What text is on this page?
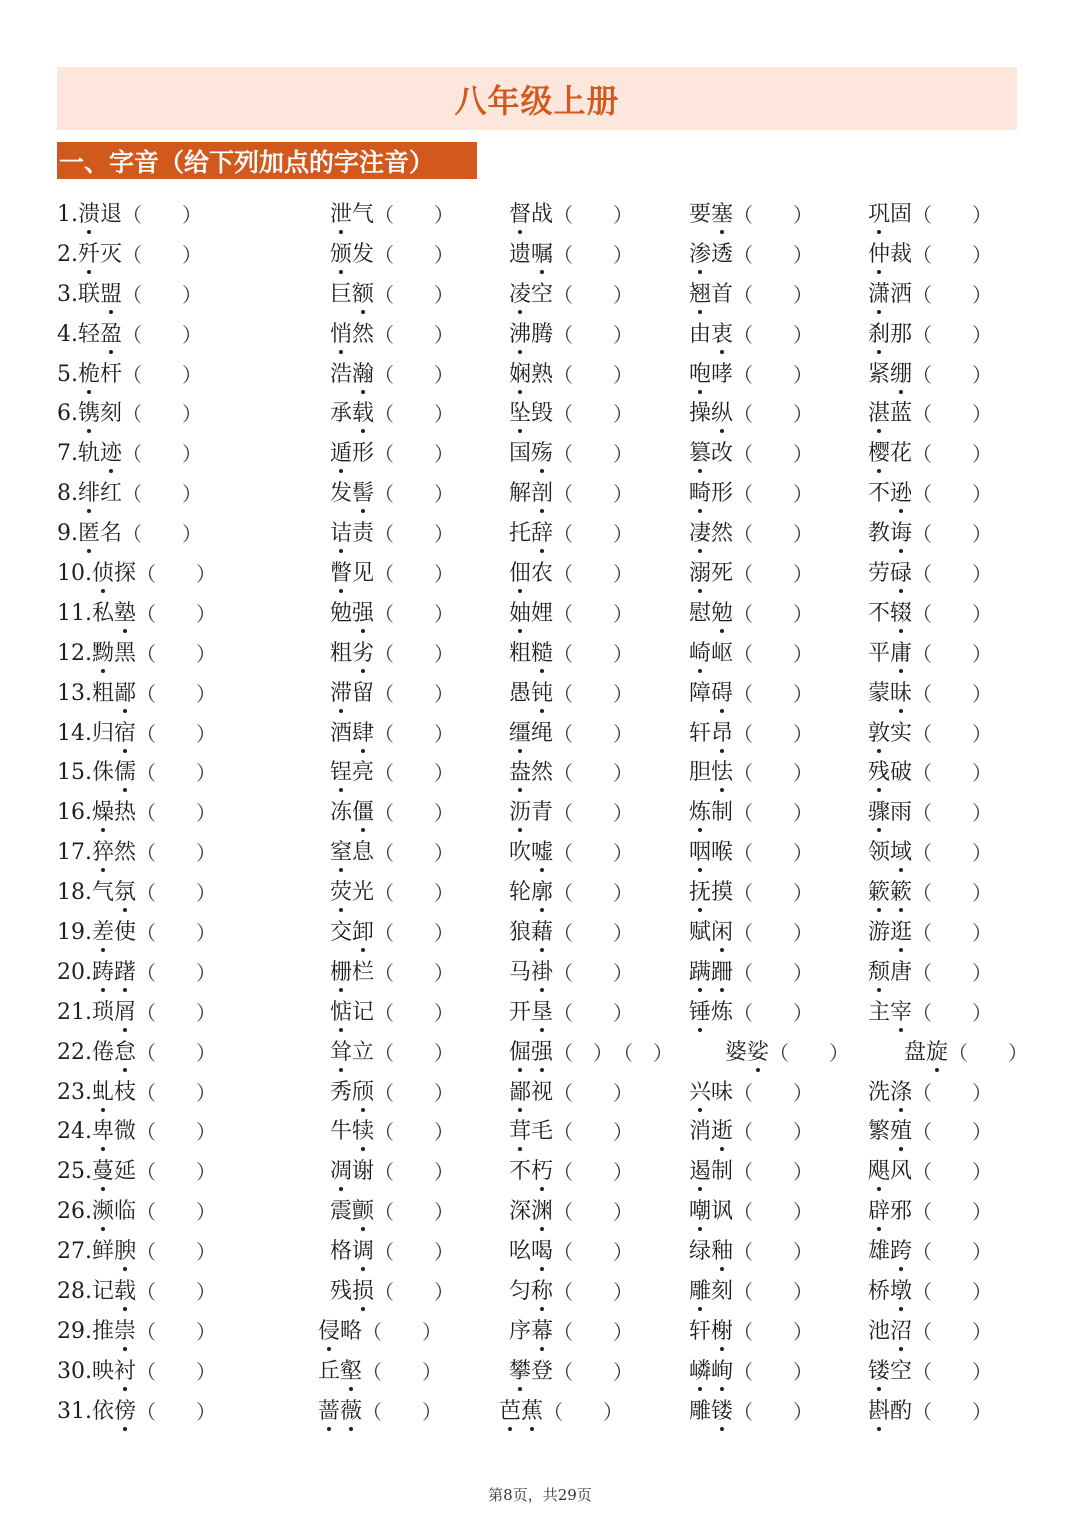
八年级上册
一、字音（给下列加点的字注音）
1. 溃 退 （　　）	泄 气 （　　） 督 战 （　　）	要 塞 （　　） 巩 固 （　　）
2. 歼 灭 （　　）	颁 发 （　　） 遗 嘱 （　　）	渗 透 （　　） 仲 裁 （　　）
3. 联 盟 （　　）	巨 额 （　　） 凌 空 （　　）	翘 首 （　　） 潇 洒 （　　）
4. 轻 盈 （　　）	悄 然 （　　） 沸 腾 （　　）	由 衷 （　　） 刹 那 （　　）
5. 桅 杆 （　　）	浩 瀚 （　　） 娴 熟 （　　）	咆 哮 （　　） 紧 绷 （　　）
6. 镌 刻 （　　）	承 载 （　　） 坠 毁 （　　）	操 纵 （　　） 湛 蓝 （　　）
7. 轨 迹 （　　）	遁 形 （　　） 国 殇 （　　）	篡 改 （　　） 樱 花 （　　）
8. 绯 红 （　　）	发 髻 （　　） 解 剖 （　　）	畸 形 （　　） 不 逊 （　　）
9. 匿 名 （　　）	诘 责 （　　） 托 辞 （　　）	凄 然 （　　） 教 诲 （　　）
10. 侦 探 （　　）	瞥 见 （　　） 佃 农 （　　）	溺 死 （　　） 劳 碌 （　　）
11. 私 塾 （　　）	勉 强 （　　） 妯 娌 （　　）	慰 勉 （　　） 不 辍 （　　）
12. 黝 黑 （　　）	粗 劣 （　　） 粗 糙 （　　）	崎 岖 （　　） 平 庸 （　　）
13. 粗 鄙 （　　）	滞 留 （　　） 愚 钝 （　　）	障 碍 （　　） 蒙 昧 （　　）
14. 归 宿 （　　）	酒 肆 （　　） 缰 绳 （　　）	轩 昂 （　　） 敦 实 （　　）
15. 侏 儒 （　　）	锃 亮 （　　） 盎 然 （　　）	胆 怯 （　　） 残 破 （　　）
16. 燥 热 （　　）	冻 僵 （　　） 沥 青 （　　）	炼 制 （　　） 骤 雨 （　　）
17. 猝 然 （　　）	窒 息 （　　） 吹 嘘 （　　）	咽 喉 （　　） 领 域 （　　）
18. 气 氛 （　　）	荧 光 （　　） 轮 廓 （　　）	抚 摸 （　　） 簌 簌 （　　）
19. 差 使 （　　）	交 卸 （　　） 狼 藉 （　　）	赋 闲 （　　） 游 逛 （　　）
20. 踌 躇 （　　）	栅 栏 （　　） 马 褂 （　　）	蹒 跚 （　　） 颓 唐 （　　）
21. 琐 屑 （　　）	惦 记 （　　） 开 垦 （　　）	锤 炼 （　　） 主 宰 （　　）
22. 倦 怠 （　　）	耸 立 （　　） 倔 强 （　） （　） 婆 娑 （　　） 盘 旋 （　　）
23. 虬 枝 （　　）	秀 颀 （　　） 鄙 视 （　　）	兴 味 （　　） 洗 涤 （　　）
24. 卑 微 （　　）	牛 犊 （　　） 茸 毛 （　　）	消 逝 （　　） 繁 殖 （　　）
25. 蔓 延 （　　）	凋 谢 （　　） 不 朽 （　　）	遏 制 （　　） 飓 风 （　　）
26. 濒 临 （　　）	震 颤 （　　） 深 渊 （　　）	嘲 讽 （　　） 辟 邪 （　　）
27. 鲜 腴 （　　）	格 调 （　　） 吆 喝 （　　）	绿 釉 （　　） 雄 跨 （　　）
28. 记 载 （　　）	残 损 （　　） 匀 称 （　　）	雕 刻 （　　） 桥 墩 （　　）
29. 推 崇 （　　）	侵 略 （　　）	序 幕 （　　）	轩 榭 （　　） 池 沼 （　　）
30. 映 衬 （　　）	丘 壑 （　　）	攀 登 （　　）	嶙 峋 （　　） 镂 空 （　　）
31. 依 傍 （　　）	蔷 薇 （　　）	芭 蕉 （　　）	雕 镂 （　　） 斟 酌 （　　）
第8页，共29页
